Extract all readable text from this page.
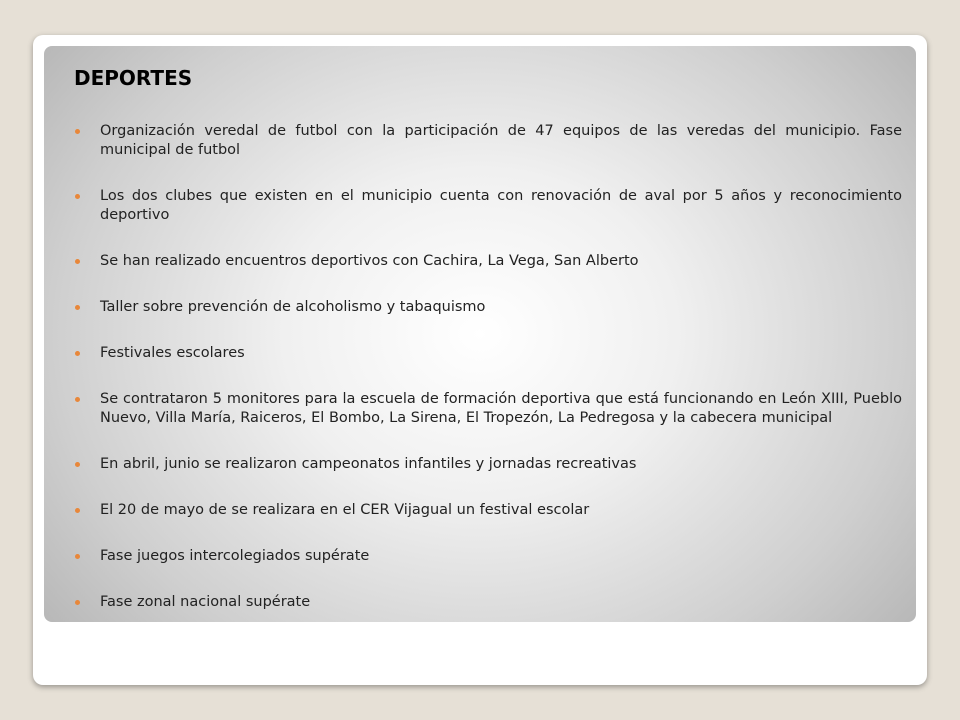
DEPORTES
Organización veredal de futbol con la participación de 47 equipos de las veredas del municipio. Fase municipal de futbol
Los dos clubes que existen en el municipio cuenta con renovación de aval por 5 años y reconocimiento deportivo
Se han realizado encuentros deportivos con Cachira, La Vega, San Alberto
Taller sobre prevención de alcoholismo y tabaquismo
Festivales escolares
Se contrataron 5 monitores para la escuela de formación deportiva que está funcionando en León XIII, Pueblo Nuevo, Villa María, Raiceros, El Bombo, La Sirena, El Tropezón, La Pedregosa y la cabecera municipal
En abril, junio se realizaron campeonatos infantiles y jornadas recreativas
El 20 de mayo de se realizara en el CER Vijagual un festival escolar
Fase juegos intercolegiados supérate
Fase zonal nacional supérate
